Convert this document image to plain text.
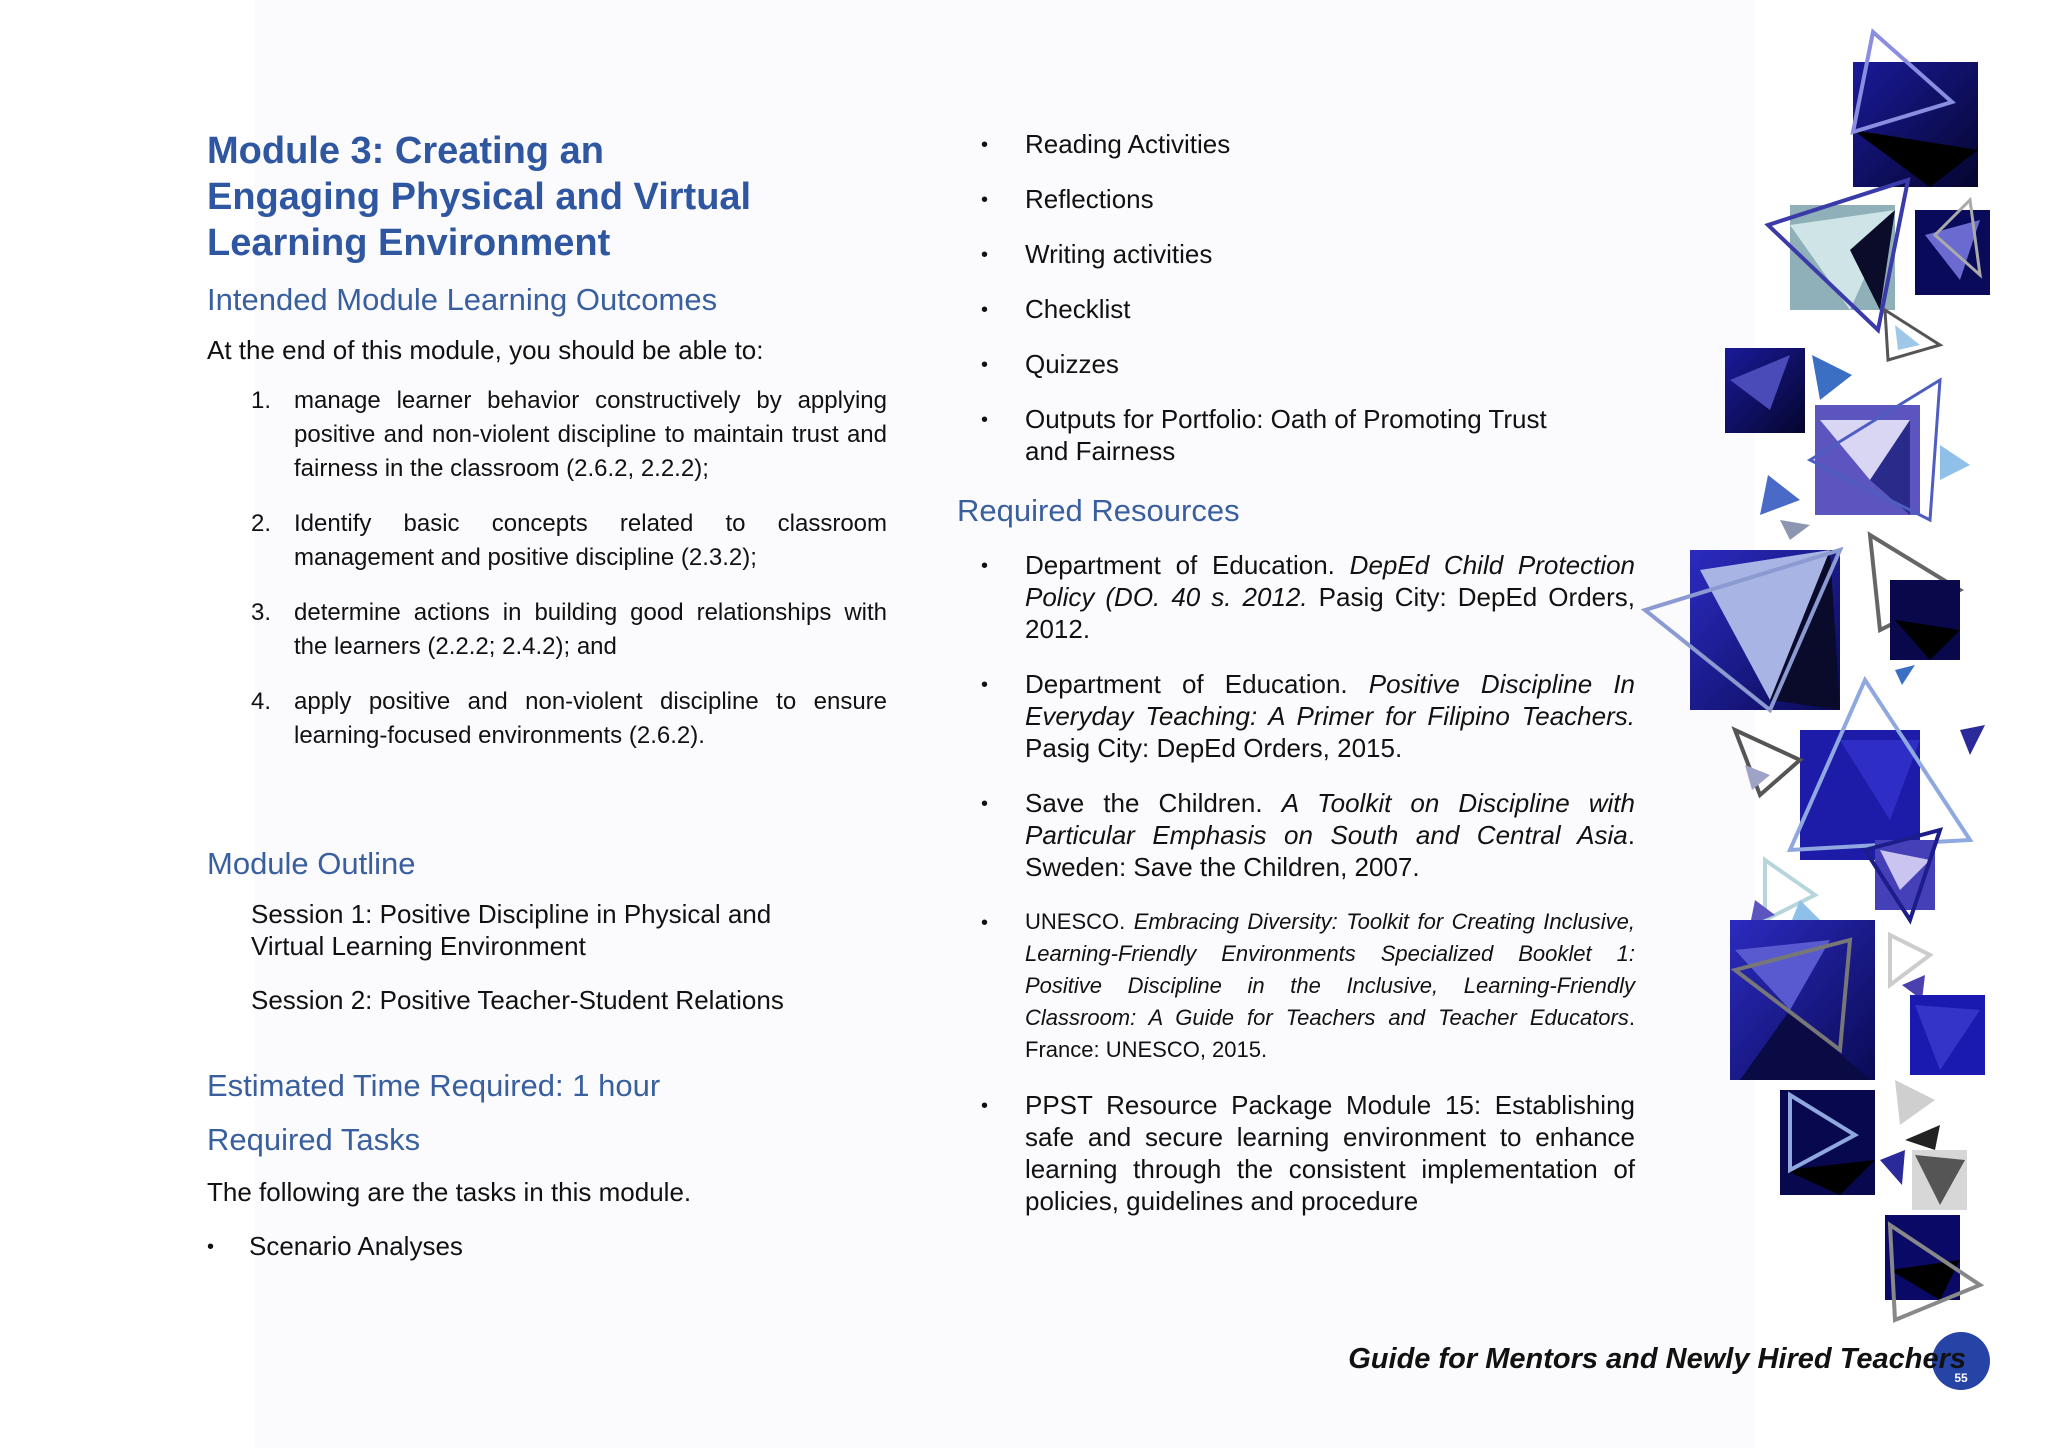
Module 3: Creating an
Engaging Physical and Virtual
Learning Environment
Intended Module Learning Outcomes
At the end of this module, you should be able to:
1. manage learner behavior constructively by applying positive and non-violent discipline to maintain trust and fairness in the classroom (2.6.2, 2.2.2);
2. Identify basic concepts related to classroom management and positive discipline (2.3.2);
3. determine actions in building good relationships with the learners (2.2.2; 2.4.2); and
4. apply positive and non-violent discipline to ensure learning-focused environments (2.6.2).
Module Outline
Session 1: Positive Discipline in Physical and Virtual Learning Environment
Session 2: Positive Teacher-Student Relations
Estimated Time Required: 1 hour
Required Tasks
The following are the tasks in this module.
• Scenario Analyses
• Reading Activities
• Reflections
• Writing activities
• Checklist
• Quizzes
• Outputs for Portfolio: Oath of Promoting Trust and Fairness
Required Resources
• Department of Education. DepEd Child Protection Policy (DO. 40 s. 2012. Pasig City: DepEd Orders, 2012.
• Department of Education. Positive Discipline In Everyday Teaching: A Primer for Filipino Teachers. Pasig City: DepEd Orders, 2015.
• Save the Children. A Toolkit on Discipline with Particular Emphasis on South and Central Asia. Sweden: Save the Children, 2007.
• UNESCO. Embracing Diversity: Toolkit for Creating Inclusive, Learning-Friendly Environments Specialized Booklet 1: Positive Discipline in the Inclusive, Learning-Friendly Classroom: A Guide for Teachers and Teacher Educators. France: UNESCO, 2015.
• PPST Resource Package Module 15: Establishing safe and secure learning environment to enhance learning through the consistent implementation of policies, guidelines and procedure
55
Guide for Mentors and Newly Hired Teachers
